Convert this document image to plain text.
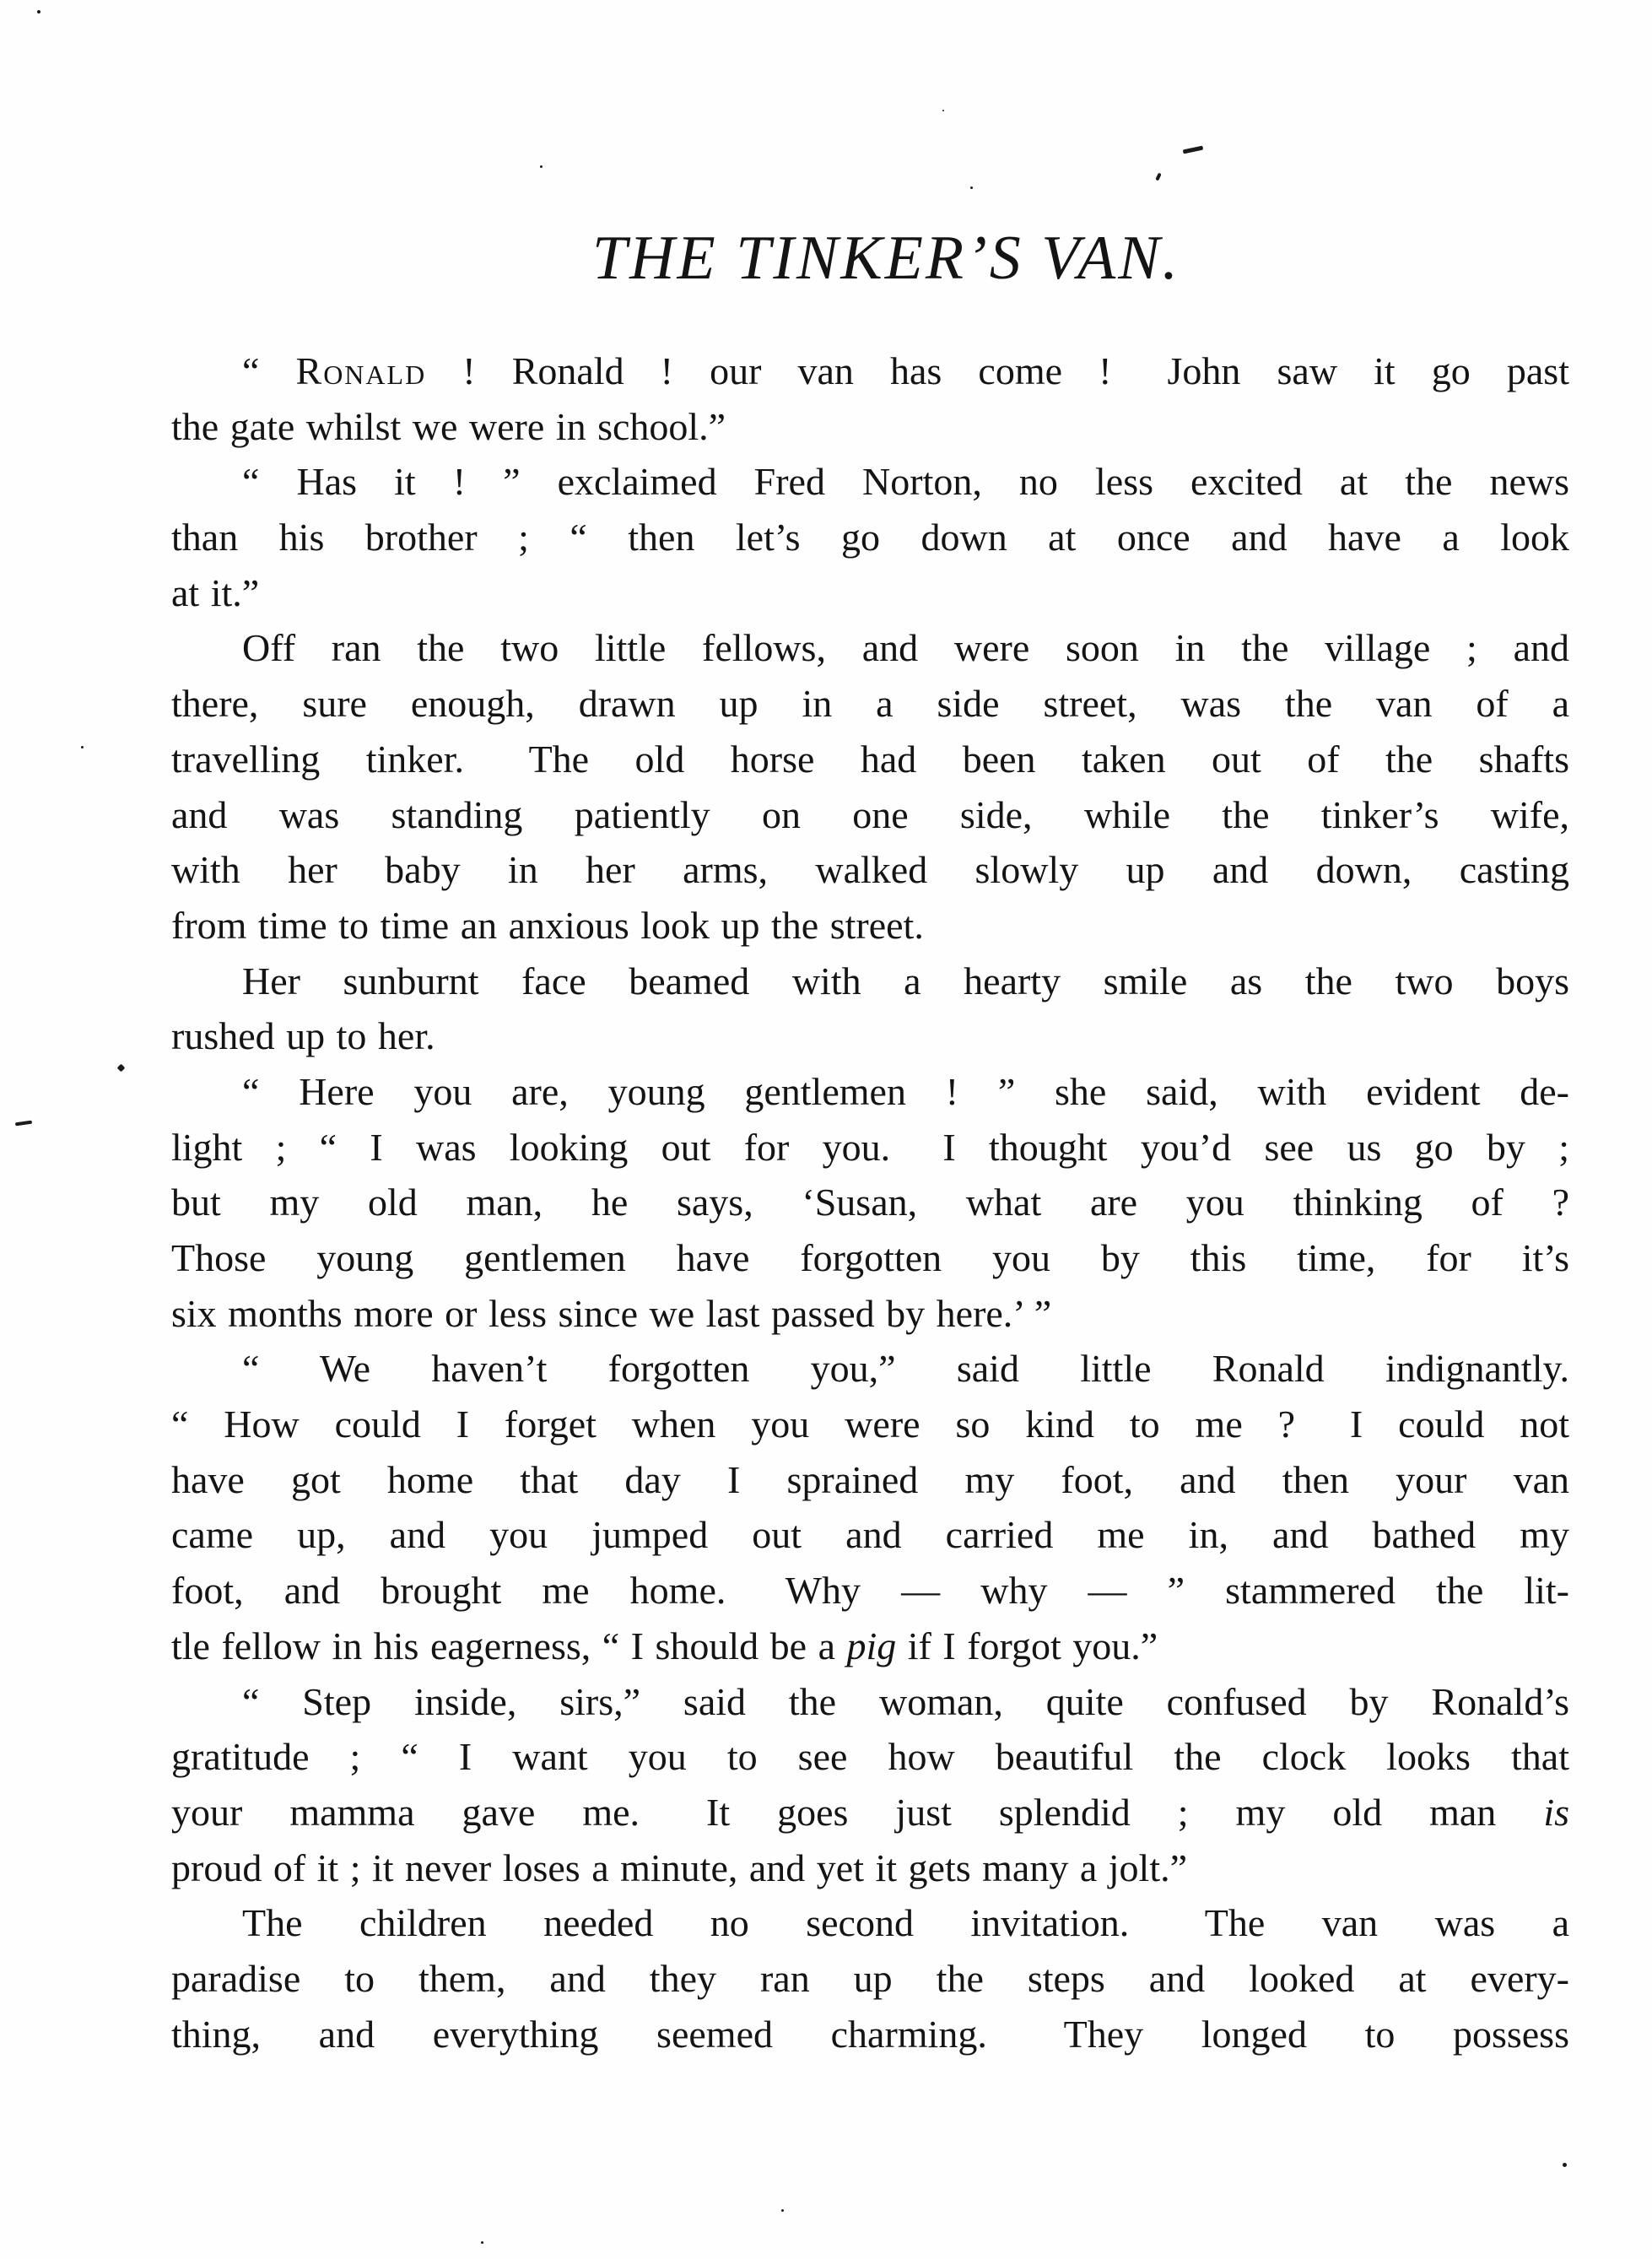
THE TINKER’S VAN.
“ Ronald ! Ronald ! our van has come !  John saw it go past
the gate whilst we were in school.”
“ Has it ! ” exclaimed Fred Norton, no less excited at the news
than his brother ; “ then let’s go down at once and have a look
at it.”
Off ran the two little fellows, and were soon in the village ; and
there, sure enough, drawn up in a side street, was the van of a
travelling tinker.  The old horse had been taken out of the shafts
and was standing patiently on one side, while the tinker’s wife,
with her baby in her arms, walked slowly up and down, casting
from time to time an anxious look up the street.
Her sunburnt face beamed with a hearty smile as the two boys
rushed up to her.
“ Here you are, young gentlemen ! ” she said, with evident de-
light ; “ I was looking out for you.  I thought you’d see us go by ;
but my old man, he says, ‘Susan, what are you thinking of ?
Those young gentlemen have forgotten you by this time, for it’s
six months more or less since we last passed by here.’ ”
“ We haven’t forgotten you,” said little Ronald indignantly.
“ How could I forget when you were so kind to me ?  I could not
have got home that day I sprained my foot, and then your van
came up, and you jumped out and carried me in, and bathed my
foot, and brought me home.  Why — why — ” stammered the lit-
tle fellow in his eagerness, “ I should be a pig if I forgot you.”
“ Step inside, sirs,” said the woman, quite confused by Ronald’s
gratitude ; “ I want you to see how beautiful the clock looks that
your mamma gave me.  It goes just splendid ; my old man is
proud of it ; it never loses a minute, and yet it gets many a jolt.”
The children needed no second invitation.  The van was a
paradise to them, and they ran up the steps and looked at every-
thing, and everything seemed charming.  They longed to possess
